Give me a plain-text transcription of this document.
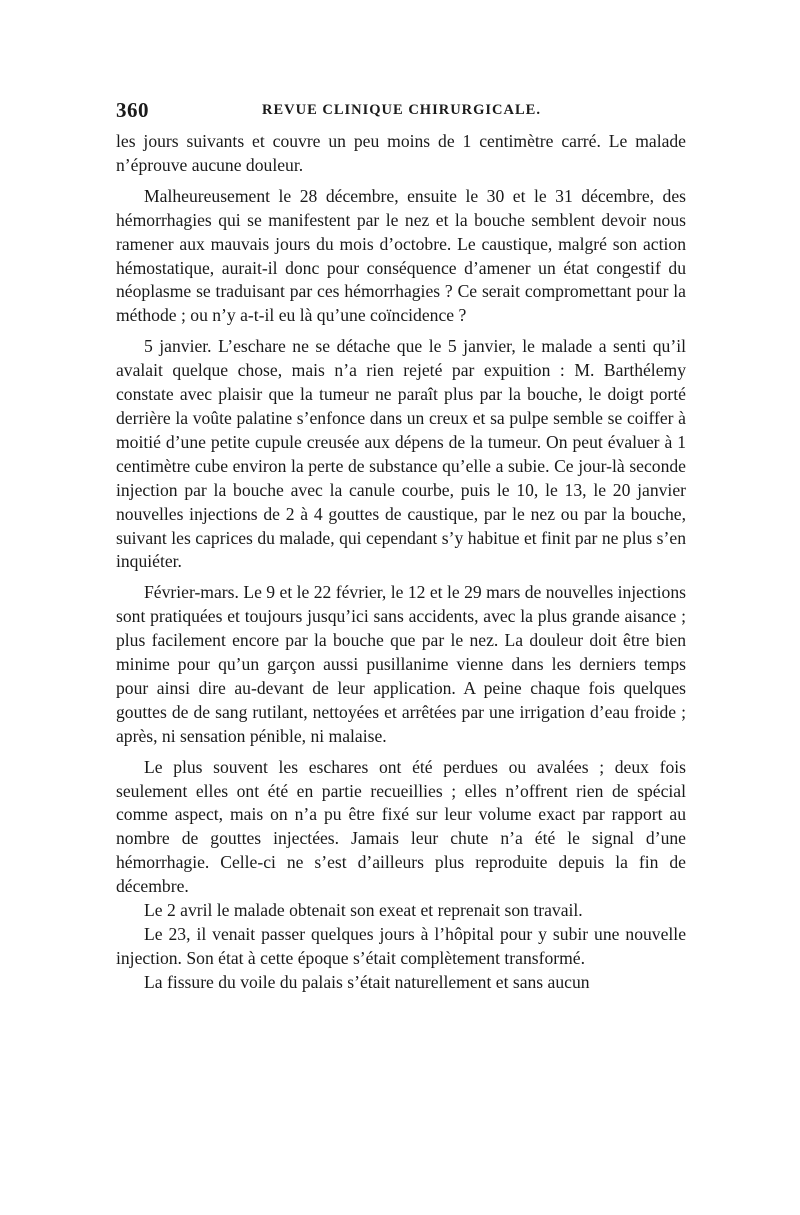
360	REVUE CLINIQUE CHIRURGICALE.

les jours suivants et couvre un peu moins de 1 centimètre carré. Le malade n’éprouve aucune douleur.

Malheureusement le 28 décembre, ensuite le 30 et le 31 décembre, des hémorrhagies qui se manifestent par le nez et la bouche semblent devoir nous ramener aux mauvais jours du mois d’octobre. Le caustique, malgré son action hémostatique, aurait-il donc pour conséquence d’amener un état congestif du néoplasme se traduisant par ces hémorrhagies ? Ce serait compromettant pour la méthode ; ou n’y a-t-il eu là qu’une coïncidence ?

5 janvier. L’eschare ne se détache que le 5 janvier, le malade a senti qu’il avalait quelque chose, mais n’a rien rejeté par expuition : M. Barthélemy constate avec plaisir que la tumeur ne paraît plus par la bouche, le doigt porté derrière la voûte palatine s’enfonce dans un creux et sa pulpe semble se coiffer à moitié d’une petite cupule creusée aux dépens de la tumeur. On peut évaluer à 1 centimètre cube environ la perte de substance qu’elle a subie. Ce jour-là seconde injection par la bouche avec la canule courbe, puis le 10, le 13, le 20 janvier nouvelles injections de 2 à 4 gouttes de caustique, par le nez ou par la bouche, suivant les caprices du malade, qui cependant s’y habitue et finit par ne plus s’en inquiéter.

Février-mars. Le 9 et le 22 février, le 12 et le 29 mars de nouvelles injections sont pratiquées et toujours jusqu’ici sans accidents, avec la plus grande aisance ; plus facilement encore par la bouche que par le nez. La douleur doit être bien minime pour qu’un garçon aussi pusillanime vienne dans les derniers temps pour ainsi dire au-devant de leur application. A peine chaque fois quelques gouttes de de sang rutilant, nettoyées et arrêtées par une irrigation d’eau froide ; après, ni sensation pénible, ni malaise.

Le plus souvent les eschares ont été perdues ou avalées ; deux fois seulement elles ont été en partie recueillies ; elles n’offrent rien de spécial comme aspect, mais on n’a pu être fixé sur leur volume exact par rapport au nombre de gouttes injectées. Jamais leur chute n’a été le signal d’une hémorrhagie. Celle-ci ne s’est d’ailleurs plus reproduite depuis la fin de décembre.

Le 2 avril le malade obtenait son exeat et reprenait son travail.

Le 23, il venait passer quelques jours à l’hôpital pour y subir une nouvelle injection. Son état à cette époque s’était complètement transformé.

La fissure du voile du palais s’était naturellement et sans aucun
